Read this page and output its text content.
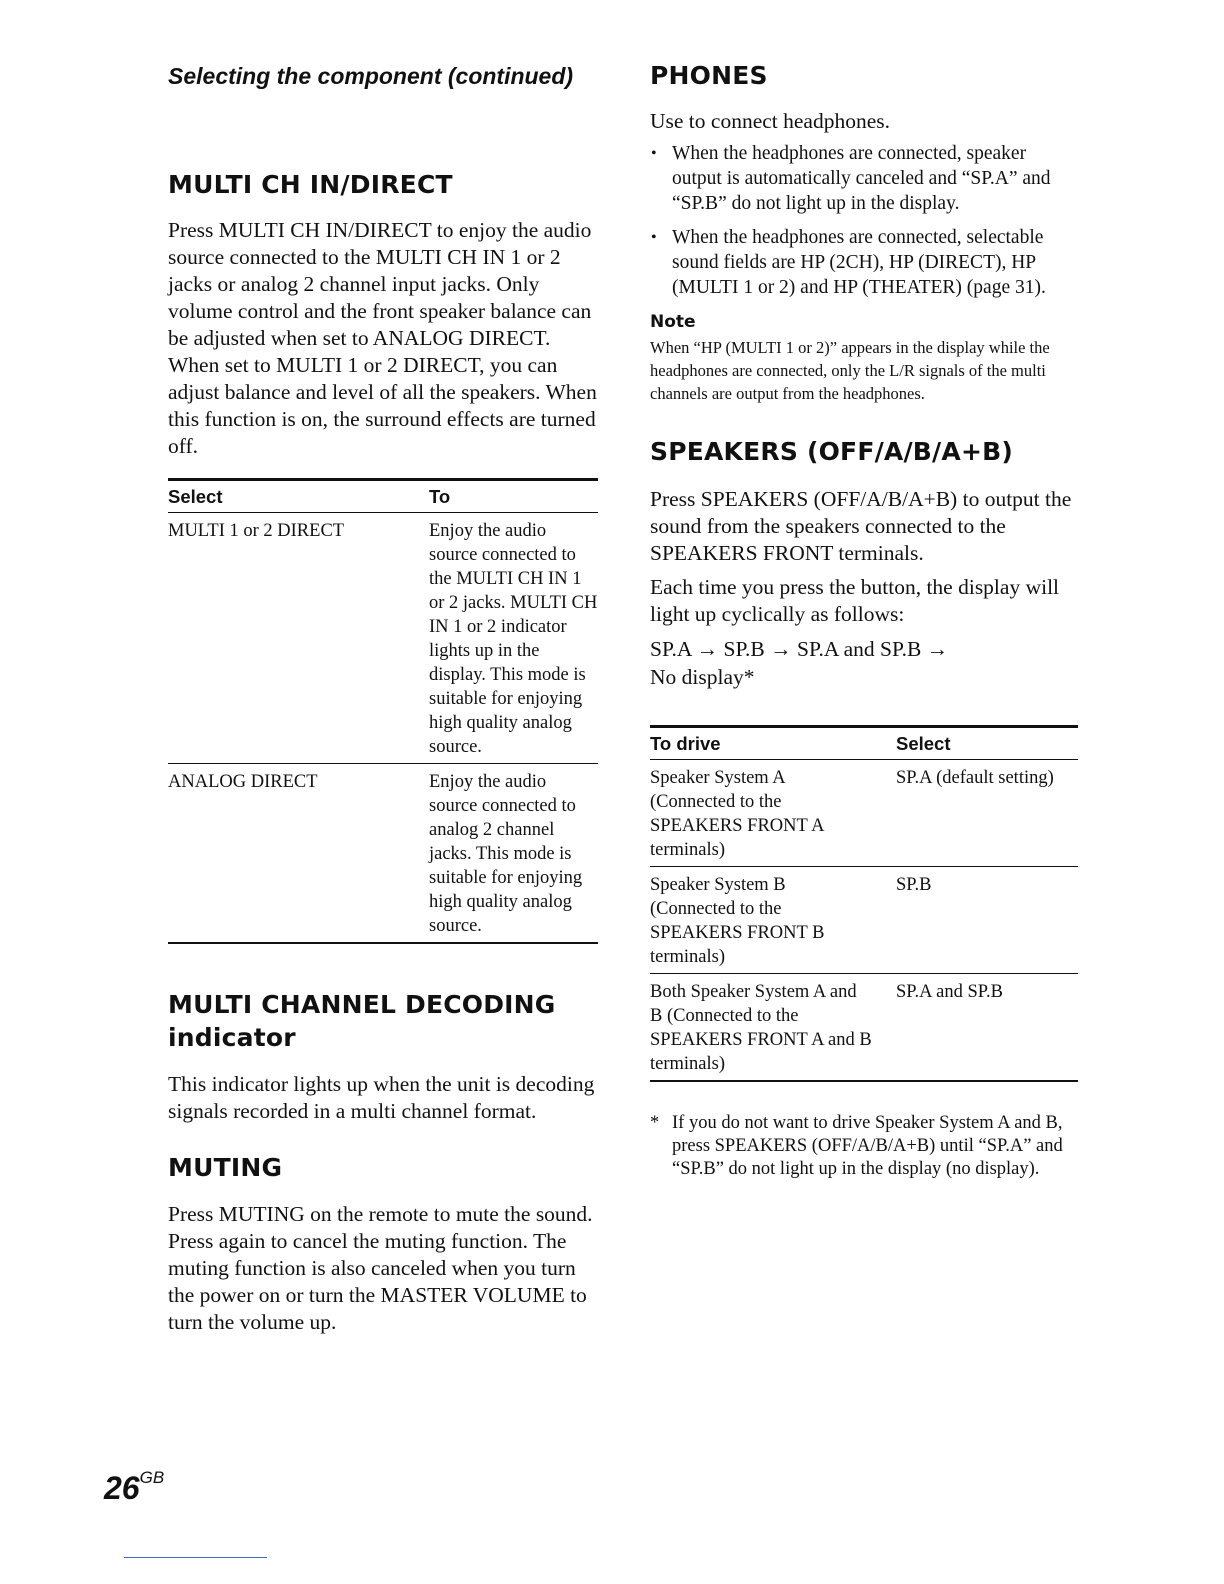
Selecting the component (continued)
MULTI CH IN/DIRECT

Press MULTI CH IN/DIRECT to enjoy the audio source connected to the MULTI CH IN 1 or 2 jacks or analog 2 channel input jacks. Only volume control and the front speaker balance can be adjusted when set to ANALOG DIRECT. When set to MULTI 1 or 2 DIRECT, you can adjust balance and level of all the speakers. When this function is on, the surround effects are turned off.

Select	To
MULTI 1 or 2 DIRECT	Enjoy the audio source connected to the MULTI CH IN 1 or 2 jacks. MULTI CH IN 1 or 2 indicator lights up in the display. This mode is suitable for enjoying high quality analog source.
ANALOG DIRECT	Enjoy the audio source connected to analog 2 channel jacks. This mode is suitable for enjoying high quality analog source.
MULTI CHANNEL DECODING indicator

This indicator lights up when the unit is decoding signals recorded in a multi channel format.

MUTING

Press MUTING on the remote to mute the sound. Press again to cancel the muting function. The muting function is also canceled when you turn the power on or turn the MASTER VOLUME to turn the volume up.

PHONES

Use to connect headphones.

• When the headphones are connected, speaker output is automatically canceled and “SP.A” and “SP.B” do not light up in the display.
• When the headphones are connected, selectable sound fields are HP (2CH), HP (DIRECT), HP (MULTI 1 or 2) and HP (THEATER) (page 31).
Note
When “HP (MULTI 1 or 2)” appears in the display while the headphones are connected, only the L/R signals of the multi channels are output from the headphones.
SPEAKERS (OFF/A/B/A+B)

Press SPEAKERS (OFF/A/B/A+B) to output the sound from the speakers connected to the SPEAKERS FRONT terminals.

Each time you press the button, the display will light up cyclically as follows:

SP.A → SP.B → SP.A and SP.B →
No display*
To drive	Select
Speaker System A (Connected to the SPEAKERS FRONT A terminals)	SP.A (default setting)
Speaker System B (Connected to the SPEAKERS FRONT B terminals)	SP.B
Both Speaker System A and B (Connected to the SPEAKERS FRONT A and B terminals)	SP.A and SP.B
* If you do not want to drive Speaker System A and B, press SPEAKERS (OFF/A/B/A+B) until “SP.A” and “SP.B” do not light up in the display (no display).
$26^{GB}$
